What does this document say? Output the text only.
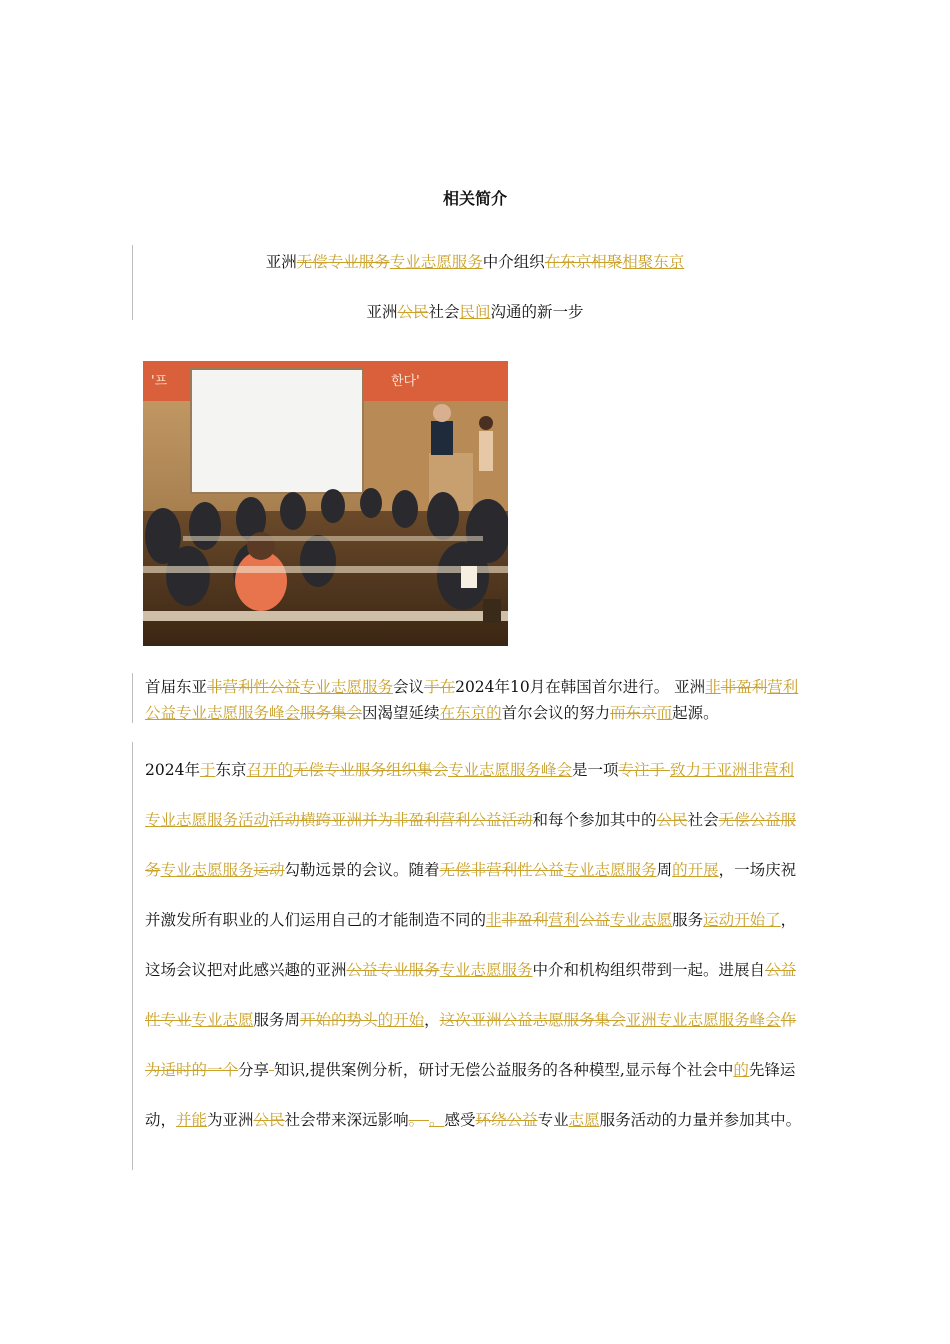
相关简介
亚洲无偿专业服务专业志愿服务中介组织在东京相聚相聚东京
亚洲公民社会民间沟通的新一步
'프	한다'

首届东亚非营利性公益专业志愿服务会议于在2024年10月在韩国首尔进行。 亚洲非非盈利营利公益专业志愿服务峰会服务集会因渴望延续在东京的首尔会议的努力而东京而起源。

2024年于东京召开的无偿专业服务组织集会专业志愿服务峰会是一项专注于 致力于亚洲非营利专业志愿服务活动活动横跨亚洲并为非盈利营利公益活动和每个参加其中的公民社会无偿公益服务专业志愿服务运动勾勒远景的会议。随着无偿非营利性公益专业志愿服务周的开展，一场庆祝并激发所有职业的人们运用自己的才能制造不同的非非盈利营利公益专业志愿服务运动开始了，这场会议把对此感兴趣的亚洲公益专业服务专业志愿服务中介和机构组织带到一起。进展自公益性专业专业志愿服务周开始的势头的开始，这次亚洲公益志愿服务集会亚洲专业志愿服务峰会作为适时的一个分享 知识,提供案例分析，研讨无偿公益服务的各种模型,显示每个社会中的先锋运动，并能为亚洲公民社会带来深远影响。 。感受环绕公益专业志愿服务活动的力量并参加其中。
